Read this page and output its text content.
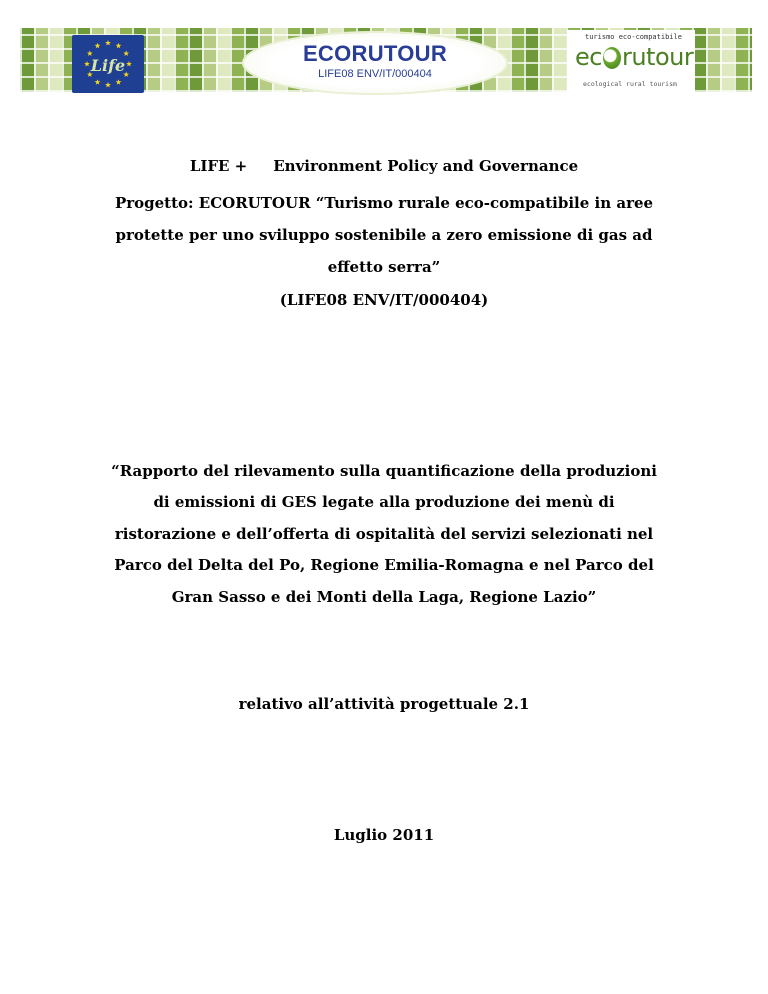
Life	ECORUTOUR
LIFE08 ENV/IT/000404
turismo eco-compatibile
ec rutour
ecological rural tourism
LIFE + Environment Policy and Governance
Progetto: ECORUTOUR “Turismo rurale eco-compatibile in aree
protette per uno sviluppo sostenibile a zero emissione di gas ad
effetto serra”
(LIFE08 ENV/IT/000404)
“Rapporto del rilevamento sulla quantificazione della produzioni
di emissioni di GES legate alla produzione dei menù di
ristorazione e dell’offerta di ospitalità del servizi selezionati nel
Parco del Delta del Po, Regione Emilia-Romagna e nel Parco del
Gran Sasso e dei Monti della Laga, Regione Lazio”
relativo all’attività progettuale 2.1
Luglio 2011
